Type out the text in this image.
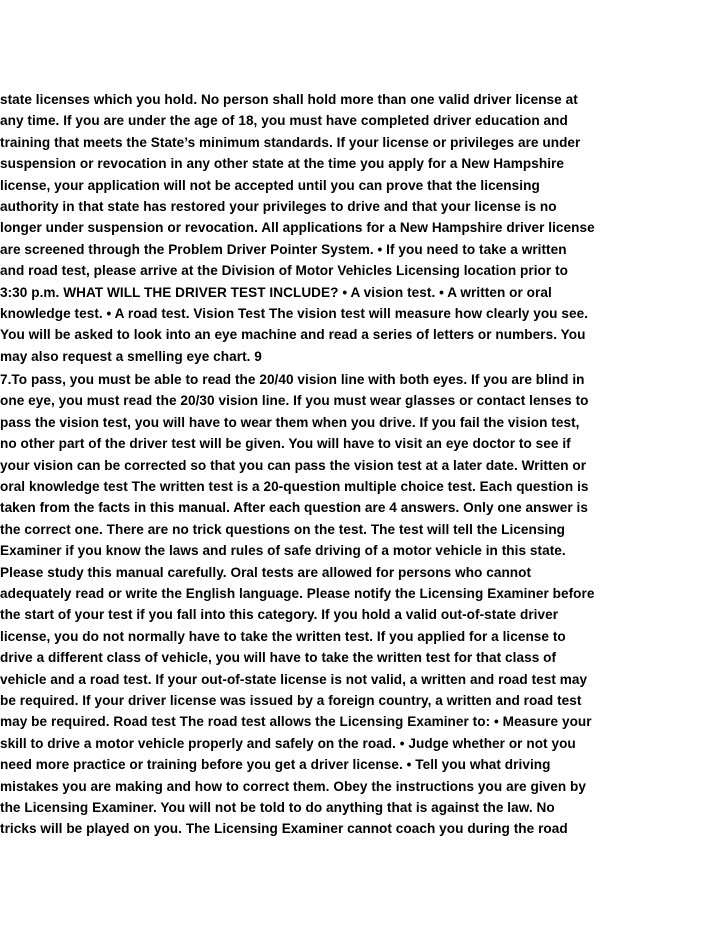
state licenses which you hold. No person shall hold more than one valid driver license at
any time. If you are under the age of 18, you must have completed driver education and
training that meets the State’s minimum standards. If your license or privileges are under
suspension or revocation in any other state at the time you apply for a New Hampshire
license, your application will not be accepted until you can prove that the licensing
authority in that state has restored your privileges to drive and that your license is no
longer under suspension or revocation. All applications for a New Hampshire driver license
are screened through the Problem Driver Pointer System. • If you need to take a written
and road test, please arrive at the Division of Motor Vehicles Licensing location prior to
3:30 p.m. WHAT WILL THE DRIVER TEST INCLUDE? • A vision test. • A written or oral
knowledge test. • A road test. Vision Test The vision test will measure how clearly you see.
You will be asked to look into an eye machine and read a series of letters or numbers. You
may also request a smelling eye chart. 9

7.To pass, you must be able to read the 20/40 vision line with both eyes. If you are blind in
one eye, you must read the 20/30 vision line. If you must wear glasses or contact lenses to
pass the vision test, you will have to wear them when you drive. If you fail the vision test,
no other part of the driver test will be given. You will have to visit an eye doctor to see if
your vision can be corrected so that you can pass the vision test at a later date. Written or
oral knowledge test The written test is a 20-question multiple choice test. Each question is
taken from the facts in this manual. After each question are 4 answers. Only one answer is
the correct one. There are no trick questions on the test. The test will tell the Licensing
Examiner if you know the laws and rules of safe driving of a motor vehicle in this state.
Please study this manual carefully. Oral tests are allowed for persons who cannot
adequately read or write the English language. Please notify the Licensing Examiner before
the start of your test if you fall into this category. If you hold a valid out-of-state driver
license, you do not normally have to take the written test. If you applied for a license to
drive a different class of vehicle, you will have to take the written test for that class of
vehicle and a road test. If your out-of-state license is not valid, a written and road test may
be required. If your driver license was issued by a foreign country, a written and road test
may be required. Road test The road test allows the Licensing Examiner to: • Measure your
skill to drive a motor vehicle properly and safely on the road. • Judge whether or not you
need more practice or training before you get a driver license. • Tell you what driving
mistakes you are making and how to correct them. Obey the instructions you are given by
the Licensing Examiner. You will not be told to do anything that is against the law. No
tricks will be played on you. The Licensing Examiner cannot coach you during the road
